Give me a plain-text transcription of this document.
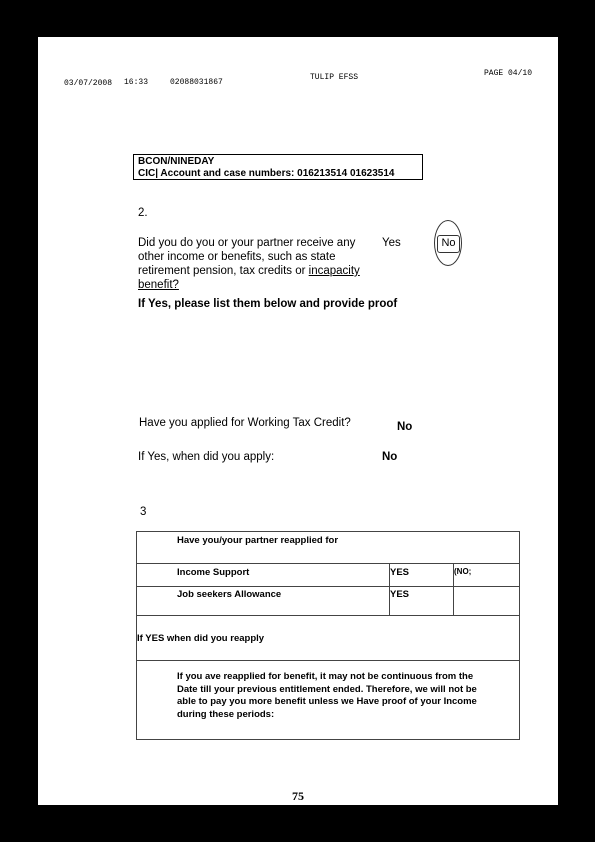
03/07/2008 16:33	02088031867
TULIP EFSS	PAGE 04/10
BCON/NINEDAY
CIC| Account and case numbers: 016213514 01623514
2.
Did you do you or your partner receive any
other income or benefits, such as state
retirement pension, tax credits or incapacity
benefit?
Yes	No
If Yes, please list them below and provide proof
Have you applied for Working Tax Credit?	No
If Yes, when did you apply:	No
3
Have you/your partner reapplied for
Income Support	YES	(NO;
Job seekers Allowance	YES
If YES when did you reapply
If you ave reapplied for benefit, it may not be continuous from the
Date till your previous entitlement ended. Therefore, we will not be
able to pay you more benefit unless we Have proof of your Income
during these periods:
75
